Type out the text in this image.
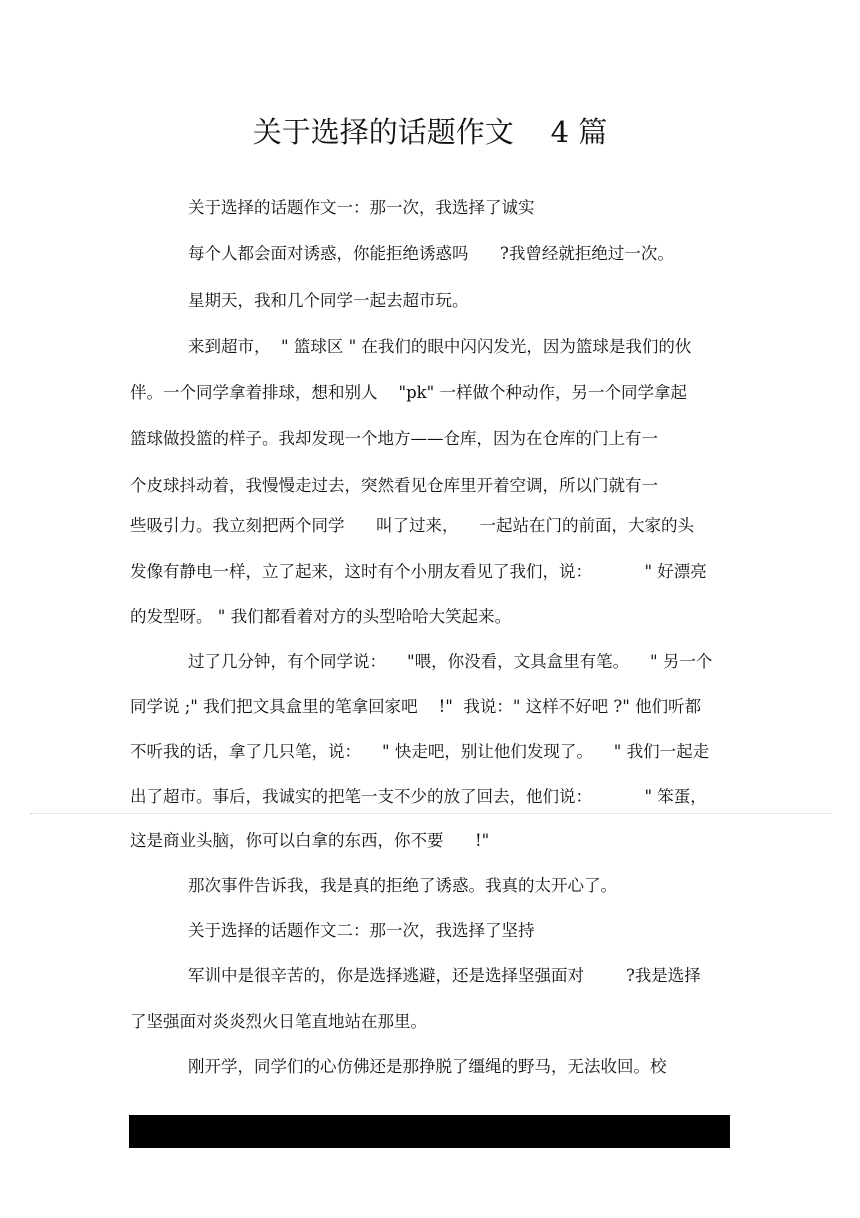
关于选择的话题作文    4 篇
关于选择的话题作文一：那一次，我选择了诚实
每个人都会面对诱惑，你能拒绝诱惑吗      ?我曾经就拒绝过一次。
星期天，我和几个同学一起去超市玩。
来到超市，  " 篮球区 " 在我们的眼中闪闪发光，因为篮球是我们的伙
伴。一个同学拿着排球，想和别人    "pk" 一样做个种动作，另一个同学拿起
篮球做投篮的样子。我却发现一个地方——仓库，因为在仓库的门上有一
个皮球抖动着，我慢慢走过去，突然看见仓库里开着空调，所以门就有一
些吸引力。我立刻把两个同学      叫了过来，    一起站在门的前面，大家的头
发像有静电一样，立了起来，这时有个小朋友看见了我们，说：          " 好漂亮
的发型呀。 " 我们都看着对方的头型哈哈大笑起来。
过了几分钟，有个同学说：    "喂，你没看，文具盒里有笔。    " 另一个
同学说 ;" 我们把文具盒里的笔拿回家吧    !"  我说：" 这样不好吧 ?" 他们听都
不听我的话，拿了几只笔，说：    " 快走吧，别让他们发现了。    " 我们一起走
出了超市。事后，我诚实的把笔一支不少的放了回去，他们说：          " 笨蛋，
这是商业头脑，你可以白拿的东西，你不要      !"
那次事件告诉我，我是真的拒绝了诱惑。我真的太开心了。
关于选择的话题作文二：那一次，我选择了坚持
军训中是很辛苦的，你是选择逃避，还是选择坚强面对        ?我是选择
了坚强面对炎炎烈火日笔直地站在那里。
刚开学，同学们的心仿佛还是那挣脱了缰绳的野马，无法收回。校
